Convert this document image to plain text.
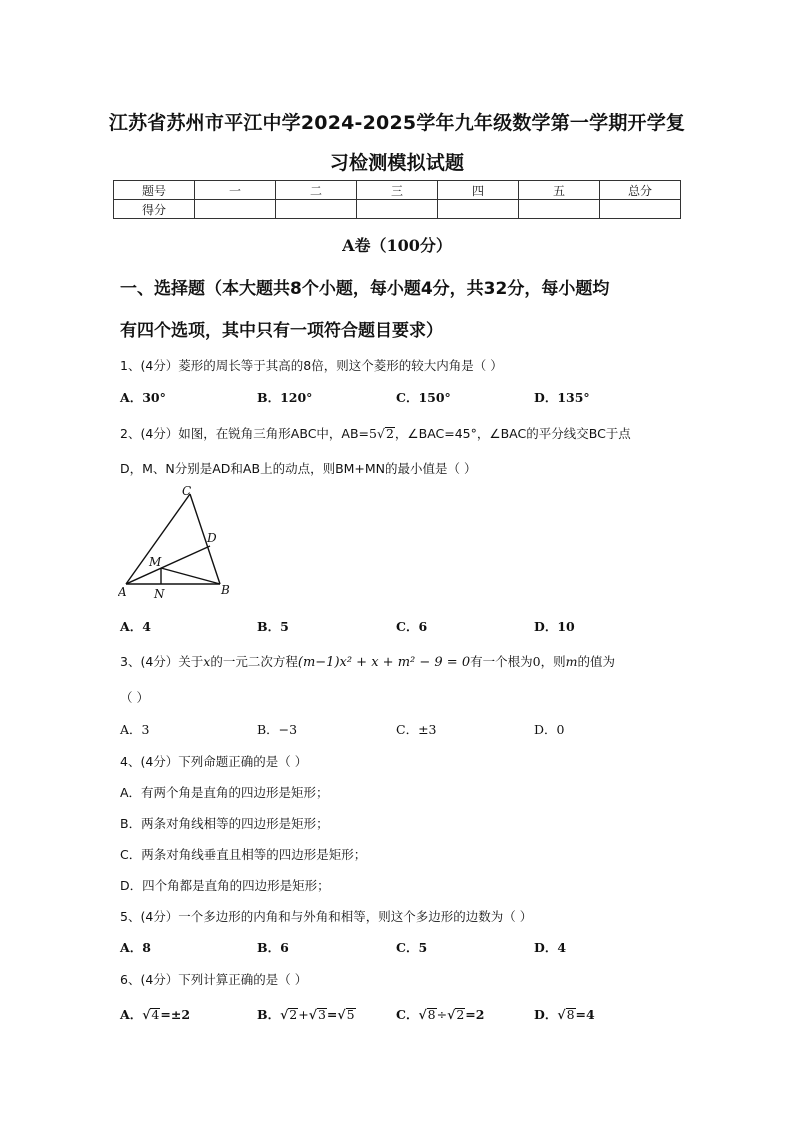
江苏省苏州市平江中学2024-2025学年九年级数学第一学期开学复
习检测模拟试题
题号	一	二	三	四	五	总分
得分						
A卷（100分）
一、选择题（本大题共8个小题，每小题4分，共32分，每小题均
有四个选项，其中只有一项符合题目要求）
1、(4分）菱形的周长等于其高的8倍，则这个菱形的较大内角是（ ）
A．30°	B．120°	C．150°	D．135°
2、(4分）如图，在锐角三角形ABC中，AB=5√2，∠BAC=45°，∠BAC的平分线交BC于点
D，M、N分别是AD和AB上的动点，则BM+MN的最小值是（ ）
A	B
C
D
M
N
A．4	B．5	C．6	D．10
3、(4分）关于x的一元二次方程(m−1)x² + x + m² − 9 = 0有一个根为0，则m的值为
（ ）
A．3	B．−3	C．±3	D．0
4、(4分）下列命题正确的是（ ）
A．有两个角是直角的四边形是矩形；
B．两条对角线相等的四边形是矩形；
C．两条对角线垂直且相等的四边形是矩形；
D．四个角都是直角的四边形是矩形；
5、(4分）一个多边形的内角和与外角和相等，则这个多边形的边数为（ ）
A．8	B．6	C．5	D．4
6、(4分）下列计算正确的是（ ）
A．√4=±2	B．√2+√3=√5	C．√8÷√2=2	D．√8=4
